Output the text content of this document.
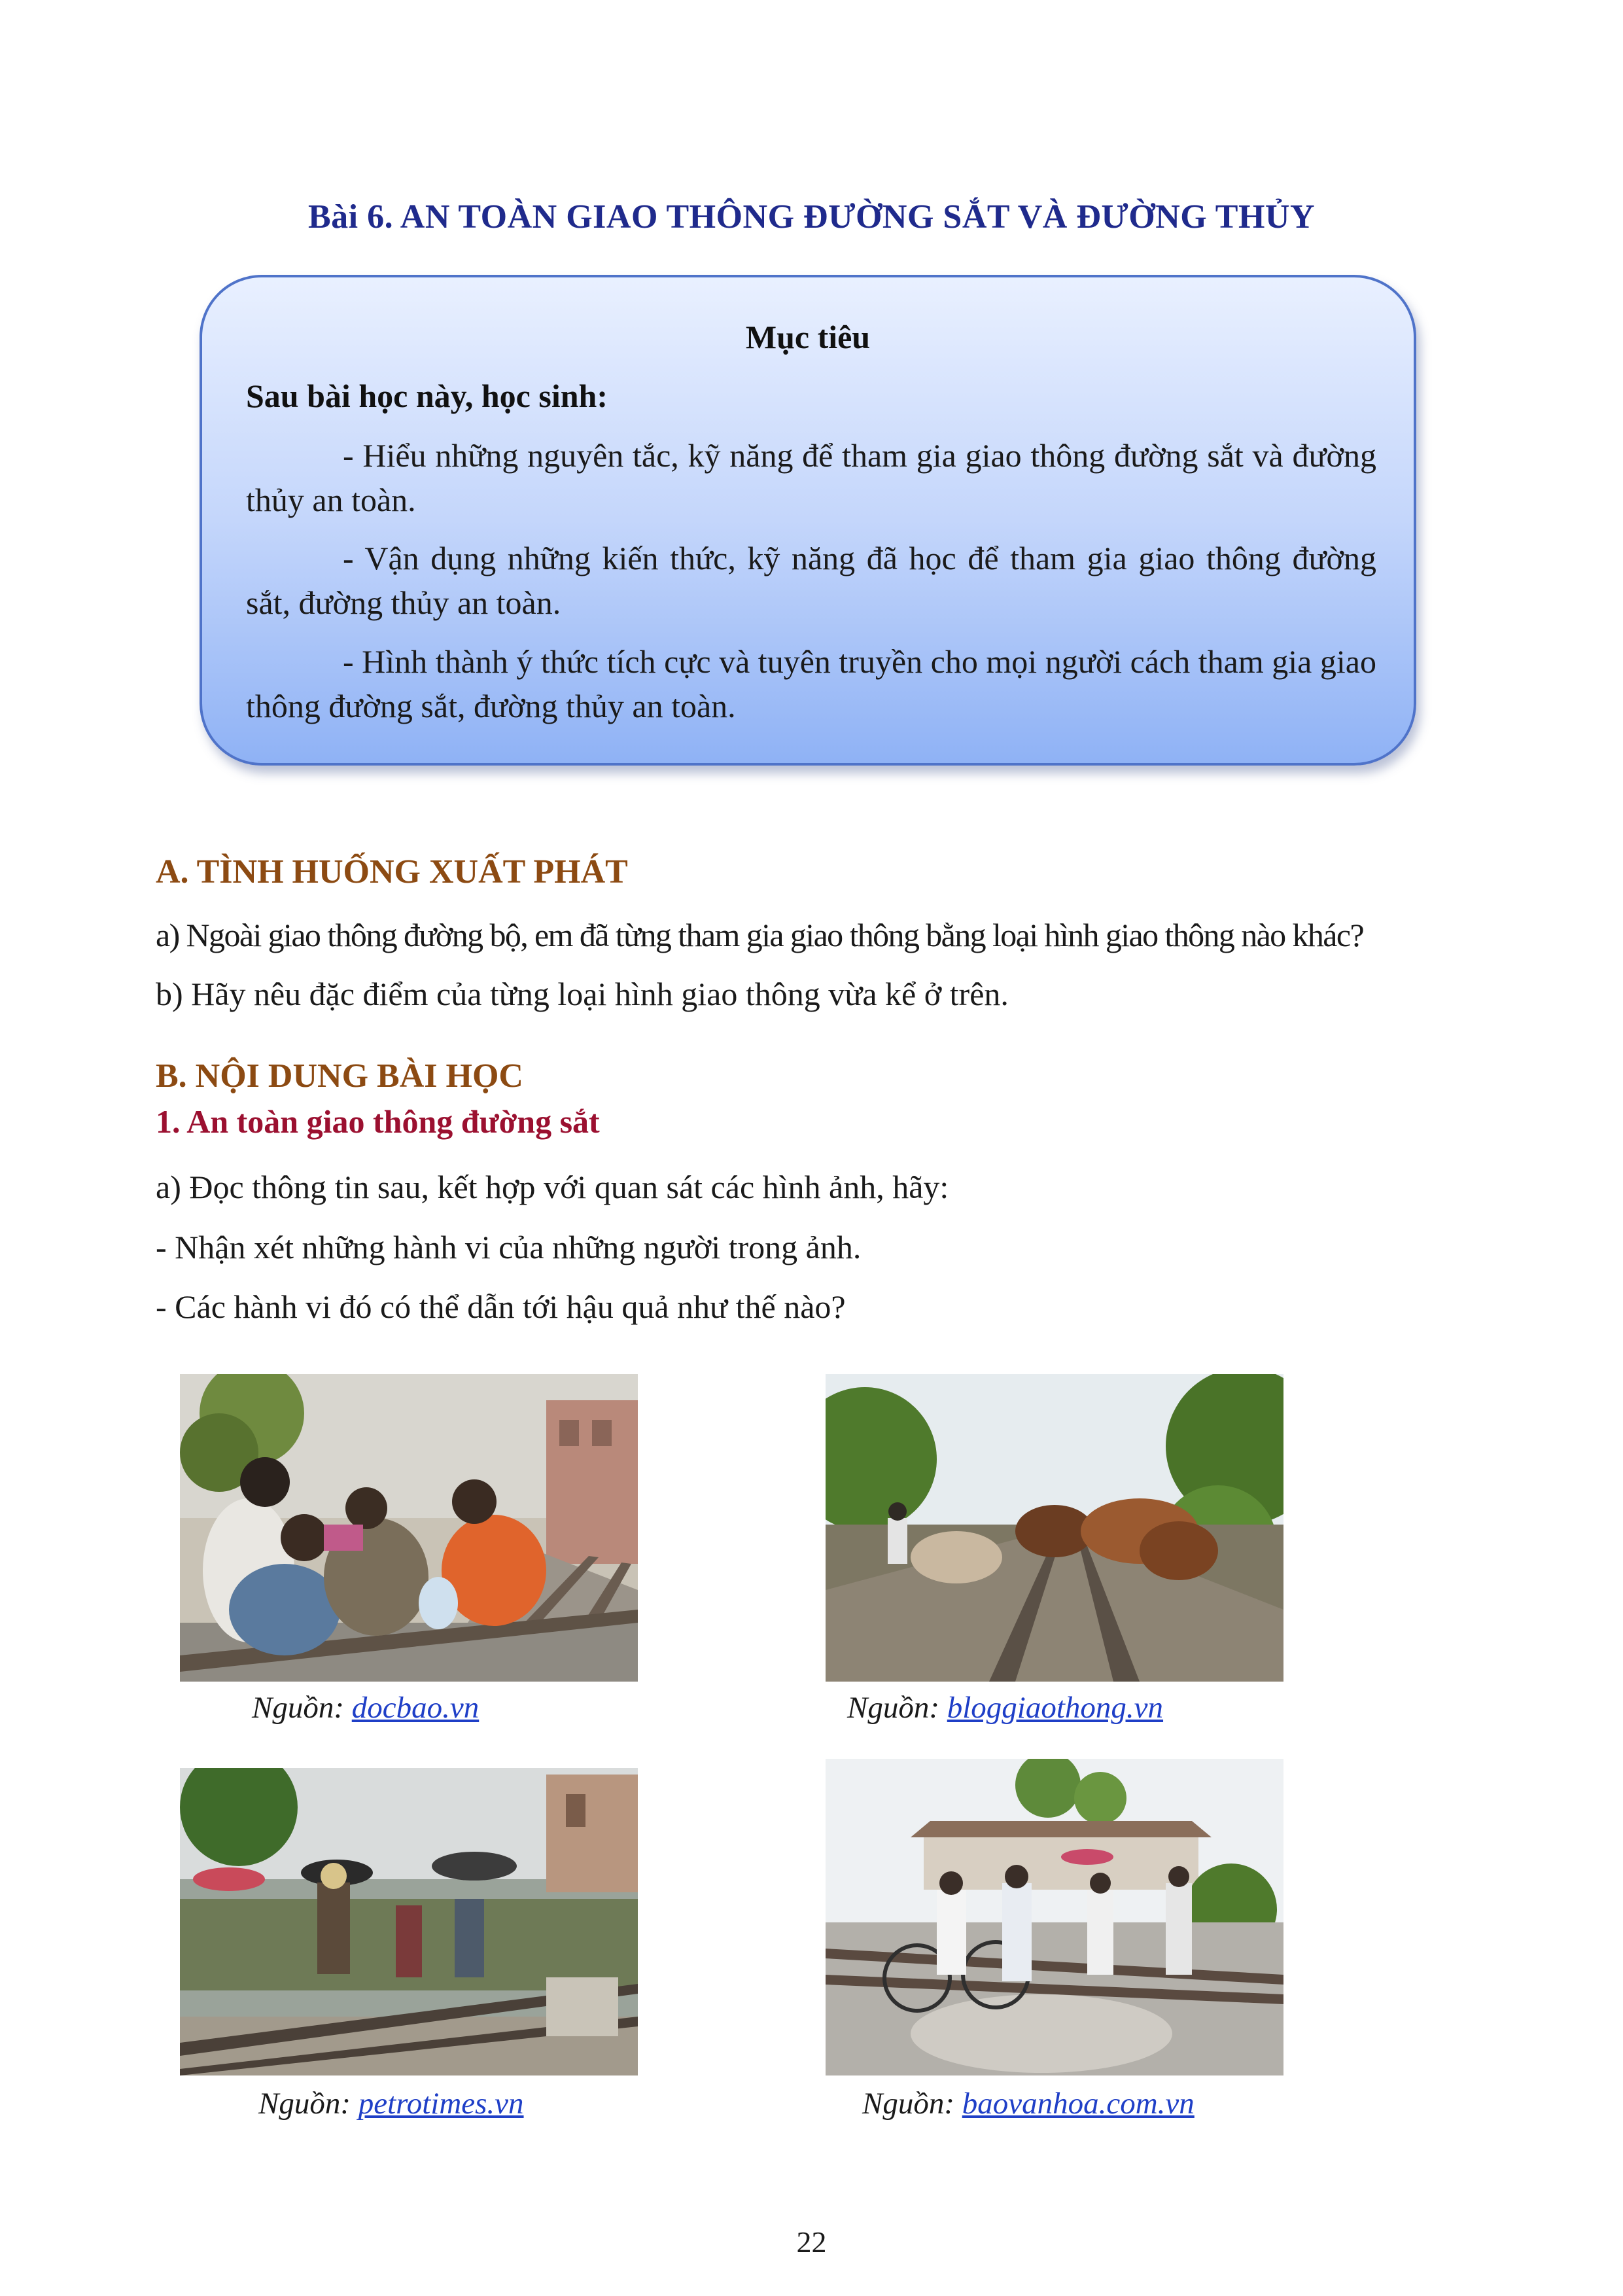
Bài 6. AN TOÀN GIAO THÔNG ĐƯỜNG SẮT VÀ ĐƯỜNG THỦY
Mục tiêu
Sau bài học này, học sinh:
- Hiểu những nguyên tắc, kỹ năng để tham gia giao thông đường sắt và đường thủy an toàn.
- Vận dụng những kiến thức, kỹ năng đã học để tham gia giao thông đường sắt, đường thủy an toàn.
- Hình thành ý thức tích cực và tuyên truyền cho mọi người cách tham gia giao thông đường sắt, đường thủy an toàn.
A. TÌNH HUỐNG XUẤT PHÁT
a) Ngoài giao thông đường bộ, em đã từng tham gia giao thông bằng loại hình giao thông nào khác?
b) Hãy nêu đặc điểm của từng loại hình giao thông vừa kể ở trên.
B. NỘI DUNG BÀI HỌC
1. An toàn giao thông đường sắt
a) Đọc thông tin sau, kết hợp với quan sát các hình ảnh, hãy:
- Nhận xét những hành vi của những người trong ảnh.
- Các hành vi đó có thể dẫn tới hậu quả như thế nào?
Nguồn: docbao.vn	Nguồn: bloggiaothong.vn
Nguồn: petrotimes.vn	Nguồn: baovanhoa.com.vn
22
